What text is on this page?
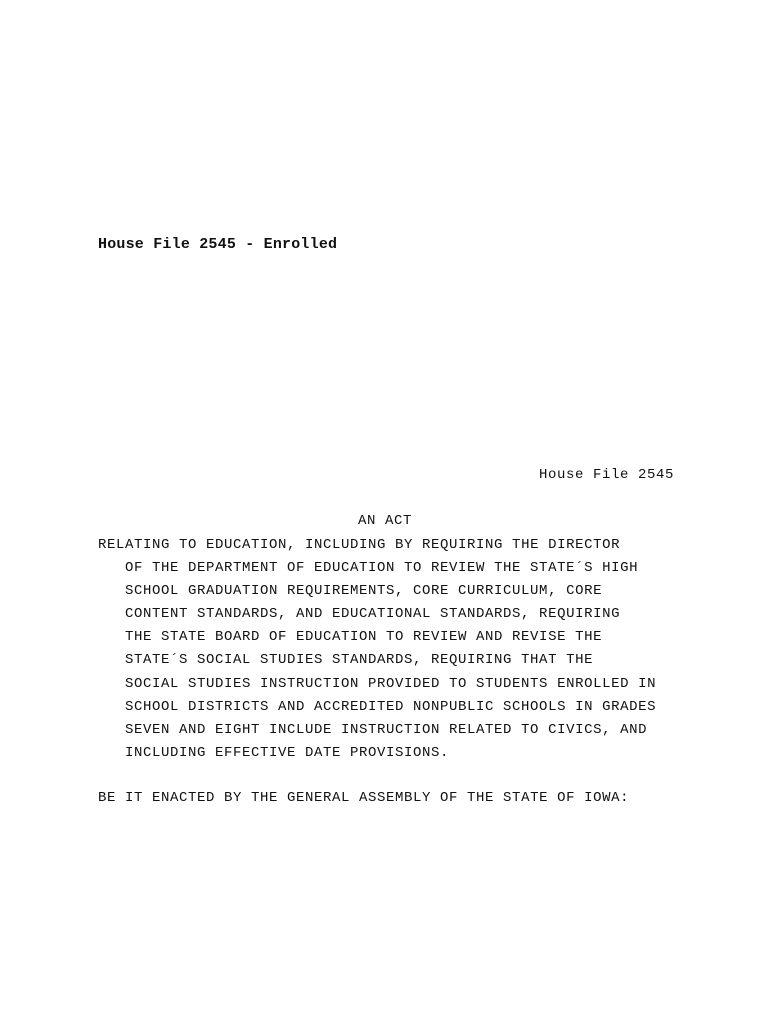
House File 2545 - Enrolled
House File 2545
AN ACT
RELATING TO EDUCATION, INCLUDING BY REQUIRING THE DIRECTOR
OF THE DEPARTMENT OF EDUCATION TO REVIEW THE STATE´S HIGH
SCHOOL GRADUATION REQUIREMENTS, CORE CURRICULUM, CORE
CONTENT STANDARDS, AND EDUCATIONAL STANDARDS, REQUIRING
THE STATE BOARD OF EDUCATION TO REVIEW AND REVISE THE
STATE´S SOCIAL STUDIES STANDARDS, REQUIRING THAT THE
SOCIAL STUDIES INSTRUCTION PROVIDED TO STUDENTS ENROLLED IN
SCHOOL DISTRICTS AND ACCREDITED NONPUBLIC SCHOOLS IN GRADES
SEVEN AND EIGHT INCLUDE INSTRUCTION RELATED TO CIVICS, AND
INCLUDING EFFECTIVE DATE PROVISIONS.
BE IT ENACTED BY THE GENERAL ASSEMBLY OF THE STATE OF IOWA:
